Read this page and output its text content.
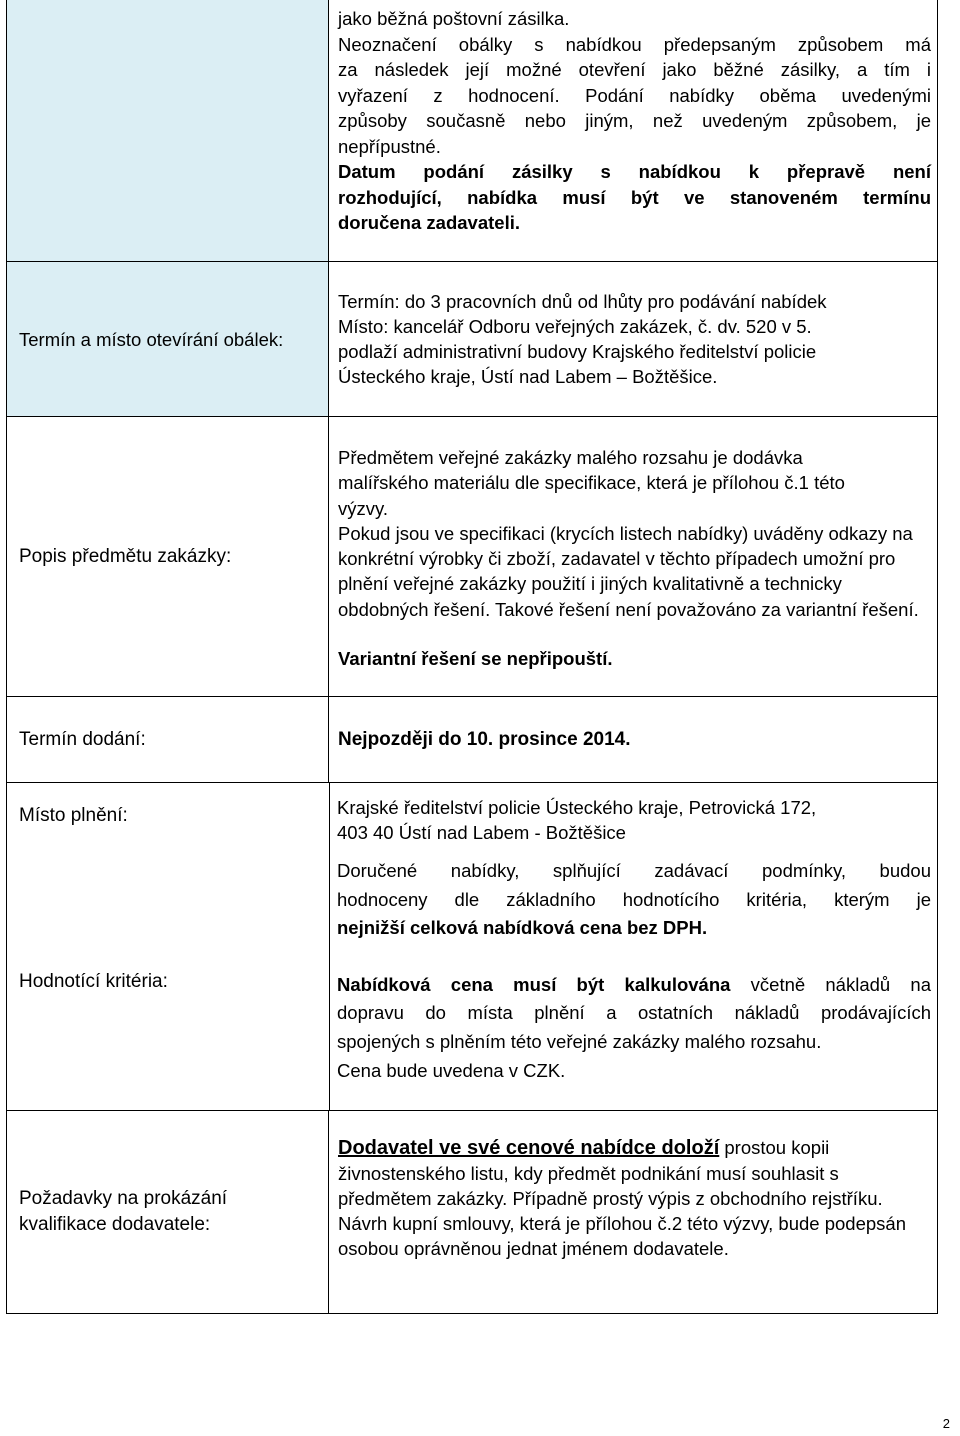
jako běžná poštovní zásilka.
Neoznačení obálky s nabídkou předepsaným způsobem má
za následek její možné otevření jako běžné zásilky, a tím i
vyřazení z hodnocení. Podání nabídky oběma uvedenými
způsoby současně nebo jiným, než uvedeným způsobem, je
nepřípustné.
Datum podání zásilky s nabídkou k přepravě není
rozhodující, nabídka musí být ve stanoveném termínu
doručena zadavateli.
Termín a místo otevírání obálek:
Termín: do 3 pracovních dnů od lhůty pro podávání nabídek
Místo: kancelář Odboru veřejných zakázek, č. dv. 520 v 5.
podlaží administrativní budovy Krajského ředitelství policie
Ústeckého kraje, Ústí nad Labem – Božtěšice.
Popis předmětu zakázky:
Předmětem veřejné zakázky malého rozsahu je dodávka malířského materiálu dle specifikace, která je přílohou č.1 této výzvy.
Pokud jsou ve specifikaci (krycích listech nabídky) uváděny odkazy na konkrétní výrobky či zboží, zadavatel v těchto případech umožní pro plnění veřejné zakázky použití i jiných kvalitativně a technicky obdobných řešení. Takové řešení není považováno za variantní řešení.
Variantní řešení se nepřipouští.
Termín dodání:	Nejpozději do 10. prosince 2014.
Místo plnění:
Hodnotící kritéria:
Krajské ředitelství policie Ústeckého kraje, Petrovická 172,
403 40 Ústí nad Labem - Božtěšice
Doručené nabídky, splňující zadávací podmínky, budou
hodnoceny dle základního hodnotícího kritéria, kterým je
nejnižší celková nabídková cena bez DPH.
Nabídková cena musí být kalkulována včetně nákladů na
dopravu do místa plnění a ostatních nákladů prodávajících
spojených s plněním této veřejné zakázky malého rozsahu.
Cena bude uvedena v CZK.
Požadavky na prokázání kvalifikace dodavatele:
Dodavatel ve své cenové nabídce doloží prostou kopii živnostenského listu, kdy předmět podnikání musí souhlasit s předmětem zakázky. Případně prostý výpis z obchodního rejstříku.
Návrh kupní smlouvy, která je přílohou č.2 této výzvy, bude podepsán osobou oprávněnou jednat jménem dodavatele.
2
